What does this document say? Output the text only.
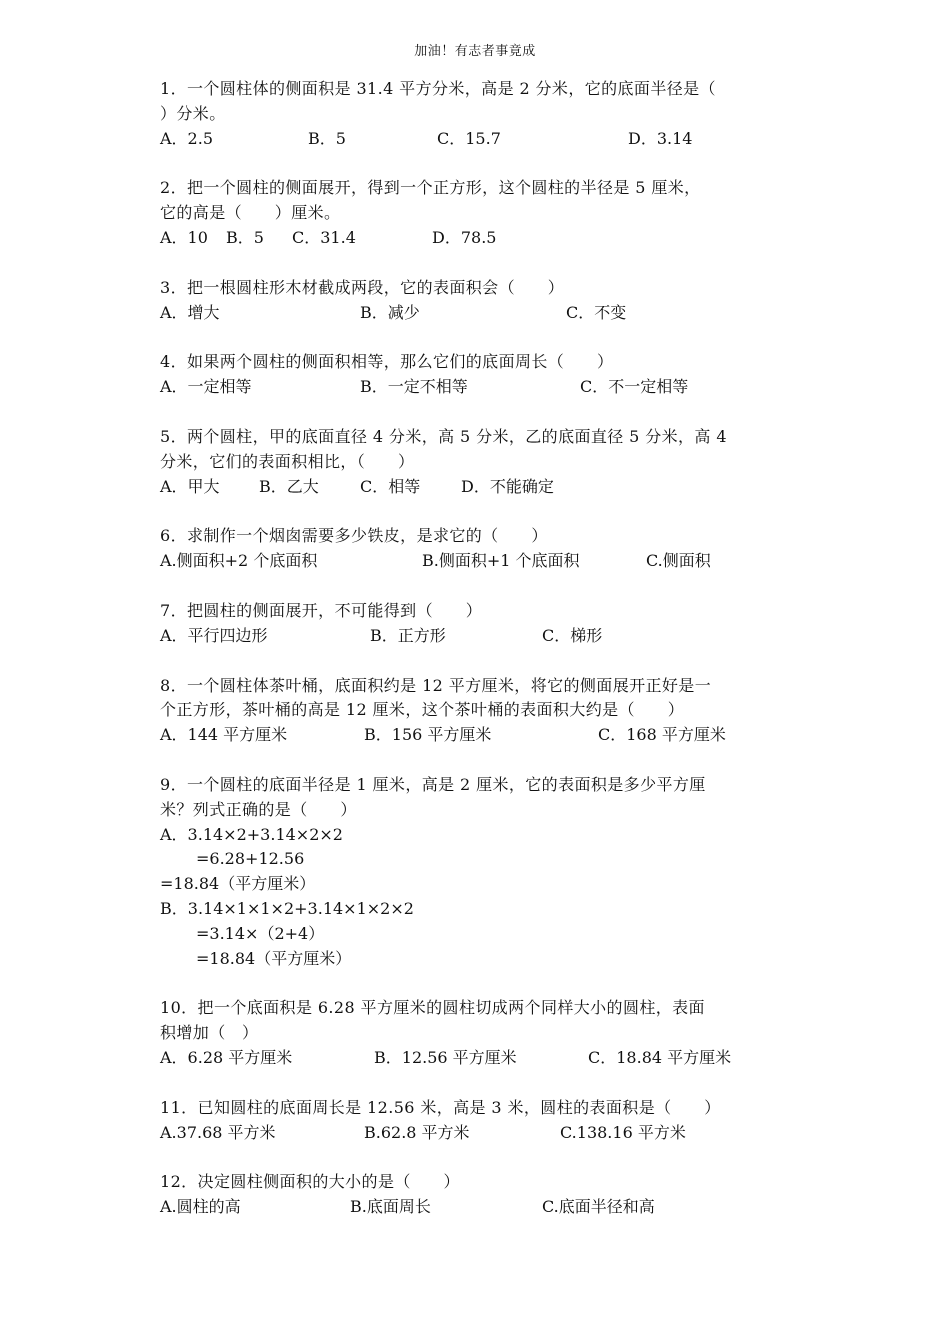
加油！有志者事竟成
1．一个圆柱体的侧面积是 31.4 平方分米，高是 2 分米，它的底面半径是（
）分米。
A．2.5	B．5	C．15.7	D．3.14
2．把一个圆柱的侧面展开，得到一个正方形，这个圆柱的半径是 5 厘米，
它的高是（　　）厘米。
A．10 B．5 C．31.4	D．78.5
3．把一根圆柱形木材截成两段，它的表面积会（　　）
A．增大	B．减少	C．不变
4．如果两个圆柱的侧面积相等，那么它们的底面周长（　　）
A．一定相等	B．一定不相等	C．不一定相等
5．两个圆柱，甲的底面直径 4 分米，高 5 分米，乙的底面直径 5 分米，高 4
分米，它们的表面积相比，（　　）
A．甲大 B．乙大	C．相等	D．不能确定
6．求制作一个烟囱需要多少铁皮，是求它的（　　）
A.侧面积+2 个底面积	B.侧面积+1 个底面积	C.侧面积
7．把圆柱的侧面展开，不可能得到（　　）
A．平行四边形	B．正方形	C．梯形
8．一个圆柱体茶叶桶，底面积约是 12 平方厘米，将它的侧面展开正好是一
个正方形，茶叶桶的高是 12 厘米，这个茶叶桶的表面积大约是（　　）
A．144 平方厘米	B．156 平方厘米	C．168 平方厘米
9．一个圆柱的底面半径是 1 厘米，高是 2 厘米，它的表面积是多少平方厘
米？列式正确的是（　　）
A．3.14×2+3.14×2×2
=6.28+12.56
=18.84（平方厘米）
B．3.14×1×1×2+3.14×1×2×2
=3.14×（2+4）
=18.84（平方厘米）
10．把一个底面积是 6.28 平方厘米的圆柱切成两个同样大小的圆柱，表面
积增加（　）
A．6.28 平方厘米	B．12.56 平方厘米	C．18.84 平方厘米
11．已知圆柱的底面周长是 12.56 米，高是 3 米，圆柱的表面积是（　　）
A.37.68 平方米	B.62.8 平方米	C.138.16 平方米
12．决定圆柱侧面积的大小的是（　　）
A.圆柱的高	B.底面周长	C.底面半径和高
